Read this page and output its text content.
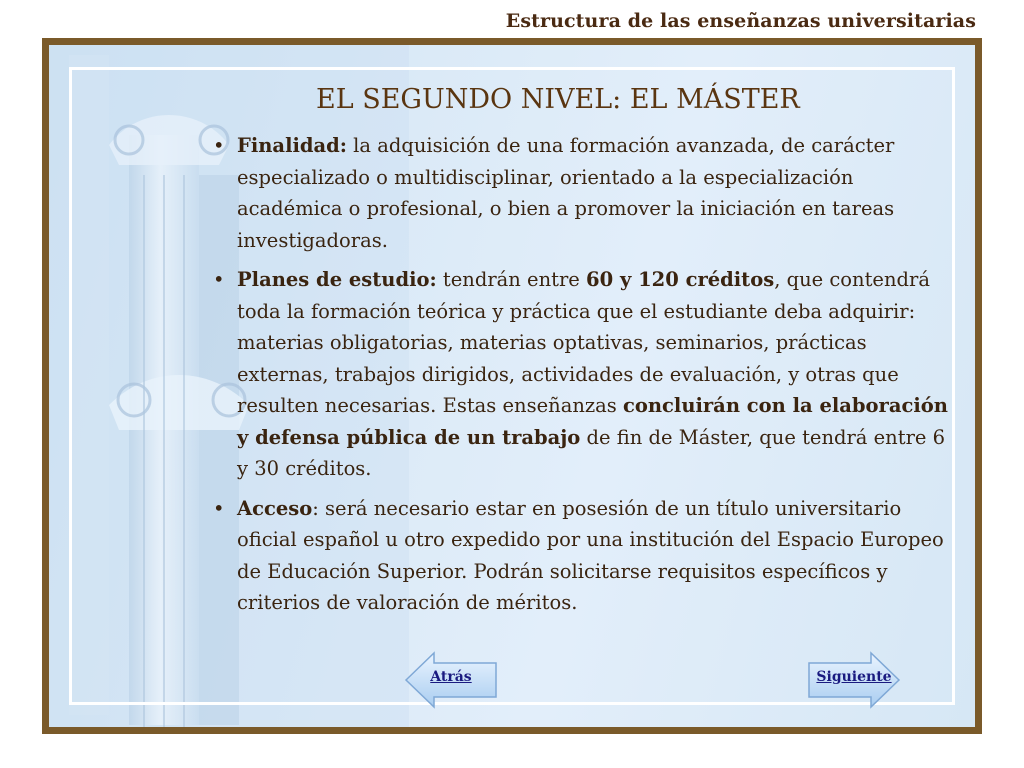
Estructura de las enseñanzas universitarias
EL SEGUNDO NIVEL: EL MÁSTER
• Finalidad: la adquisición de una formación avanzada, de carácter especializado o multidisciplinar, orientado a la especialización académica o profesional, o bien a promover la iniciación en tareas investigadoras.
• Planes de estudio: tendrán entre 60 y 120 créditos, que contendrá toda la formación teórica y práctica que el estudiante deba adquirir: materias obligatorias, materias optativas, seminarios, prácticas externas, trabajos dirigidos, actividades de evaluación, y otras que resulten necesarias. Estas enseñanzas concluirán con la elaboración y defensa pública de un trabajo de fin de Máster, que tendrá entre 6 y 30 créditos.
• Acceso: será necesario estar en posesión de un título universitario oficial español u otro expedido por una institución del Espacio Europeo de Educación Superior. Podrán solicitarse requisitos específicos y criterios de valoración de méritos.
Atrás	Siguiente
